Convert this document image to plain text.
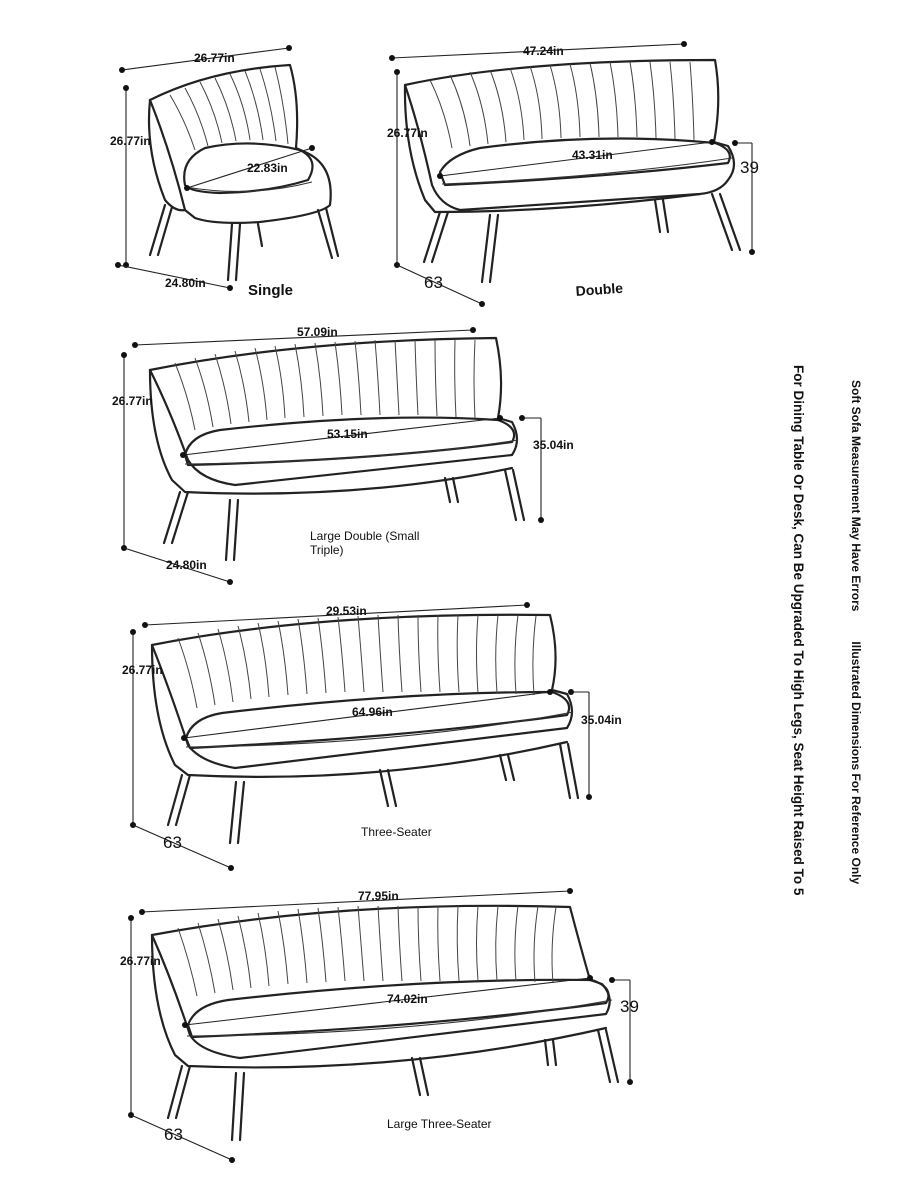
26.77in
26.77in
22.83in
24.80in	Single
47.24in
26.77in
43.31in
63
39
Double
57.09in
26.77in
53.15in
24.80in
35.04in
Large Double (Small Triple)
29.53in
26.77in
64.96in
63
35.04in
Three-Seater
77.95in
26.77in
74.02in
63
39
Large Three-Seater
Soft Sofa Measurement May Have ErrorsIllustrated Dimensions For Reference Only
For Dining Table Or Desk, Can Be Upgraded To High Legs, Seat Height Raised To 5
